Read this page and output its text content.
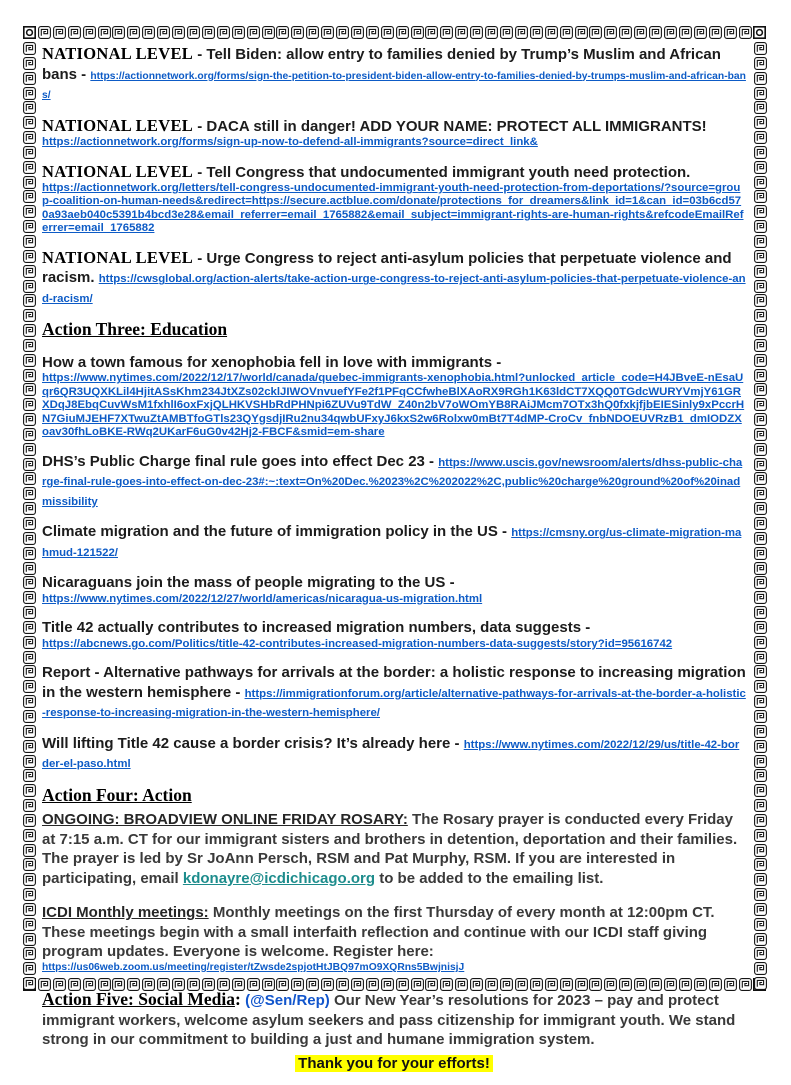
NATIONAL LEVEL - Tell Biden: allow entry to families denied by Trump’s Muslim and African bans - https://actionnetwork.org/forms/sign-the-petition-to-president-biden-allow-entry-to-families-denied-by-trumps-muslim-and-african-bans/

NATIONAL LEVEL - DACA still in danger! ADD YOUR NAME: PROTECT ALL IMMIGRANTS!
https://actionnetwork.org/forms/sign-up-now-to-defend-all-immigrants?source=direct_link&

NATIONAL LEVEL - Tell Congress that undocumented immigrant youth need protection.
https://actionnetwork.org/letters/tell-congress-undocumented-immigrant-youth-need-protection-from-deportations/?source=group-coalition-on-human-needs&redirect=https://secure.actblue.com/donate/protections_for_dreamers&link_id=1&can_id=03b6cd570a93aeb040c5391b4bcd3e28&email_referrer=email_1765882&email_subject=immigrant-rights-are-human-rights&refcodeEmailReferrer=email_1765882

NATIONAL LEVEL - Urge Congress to reject anti-asylum policies that perpetuate violence and racism. https://cwsglobal.org/action-alerts/take-action-urge-congress-to-reject-anti-asylum-policies-that-perpetuate-violence-and-racism/

Action Three: Education

How a town famous for xenophobia fell in love with immigrants -
https://www.nytimes.com/2022/12/17/world/canada/quebec-immigrants-xenophobia.html?unlocked_article_code=H4JBveE-nEsaUqr6QR3UQXKLil4HjitASsKhm234JtXZs02cklJIWOVnvuefYFe2f1PFqCCfwheBlXAoRX9RGh1K63ldCT7XQQ0TGdcWURYVmjY61GRXDqJ8EbqCuvWsM1fxhlI6oxFxjQLHKVSHbRdPHNpi6ZUVu9TdW_Z40n2bV7oWOmYB8RAiJMcm7OTx3hQ0fxkjfjbEIESinly9xPccrHN7GiuMJEHF7XTwuZtAMBTfoGTls23QYgsdjIRu2nu34qwbUFxyJ6kxS2w6Rolxw0mBt7T4dMP-CroCv_fnbNDOEUVRzB1_dmIODZXoav30fhLoBKE-RWq2UKarF6uG0v42Hj2-FBCF&smid=em-share

DHS’s Public Charge final rule goes into effect Dec 23 - https://www.uscis.gov/newsroom/alerts/dhss-public-charge-final-rule-goes-into-effect-on-dec-23#:~:text=On%20Dec.%2023%2C%202022%2C,public%20charge%20ground%20of%20inadmissibility

Climate migration and the future of immigration policy in the US - https://cmsny.org/us-climate-migration-mahmud-121522/

Nicaraguans join the mass of people migrating to the US -
https://www.nytimes.com/2022/12/27/world/americas/nicaragua-us-migration.html

Title 42 actually contributes to increased migration numbers, data suggests -
https://abcnews.go.com/Politics/title-42-contributes-increased-migration-numbers-data-suggests/story?id=95616742

Report - Alternative pathways for arrivals at the border: a holistic response to increasing migration in the western hemisphere - https://immigrationforum.org/article/alternative-pathways-for-arrivals-at-the-border-a-holistic-response-to-increasing-migration-in-the-western-hemisphere/

Will lifting Title 42 cause a border crisis? It’s already here - https://www.nytimes.com/2022/12/29/us/title-42-border-el-paso.html

Action Four: Action

ONGOING: BROADVIEW ONLINE FRIDAY ROSARY: The Rosary prayer is conducted every Friday at 7:15 a.m. CT for our immigrant sisters and brothers in detention, deportation and their families. The prayer is led by Sr JoAnn Persch, RSM and Pat Murphy, RSM. If you are interested in participating, email kdonayre@icdichicago.org to be added to the emailing list.

ICDI Monthly meetings: Monthly meetings on the first Thursday of every month at 12:00pm CT. These meetings begin with a small interfaith reflection and continue with our ICDI staff giving program updates. Everyone is welcome. Register here:
https://us06web.zoom.us/meeting/register/tZwsde2spjotHtJBQ97mO9XQRns5BwjnisjJ

Action Five: Social Media: (@Sen/Rep) Our New Year’s resolutions for 2023 – pay and protect immigrant workers, welcome asylum seekers and pass citizenship for immigrant youth. We stand strong in our commitment to building a just and humane immigration system.

Thank you for your efforts!
